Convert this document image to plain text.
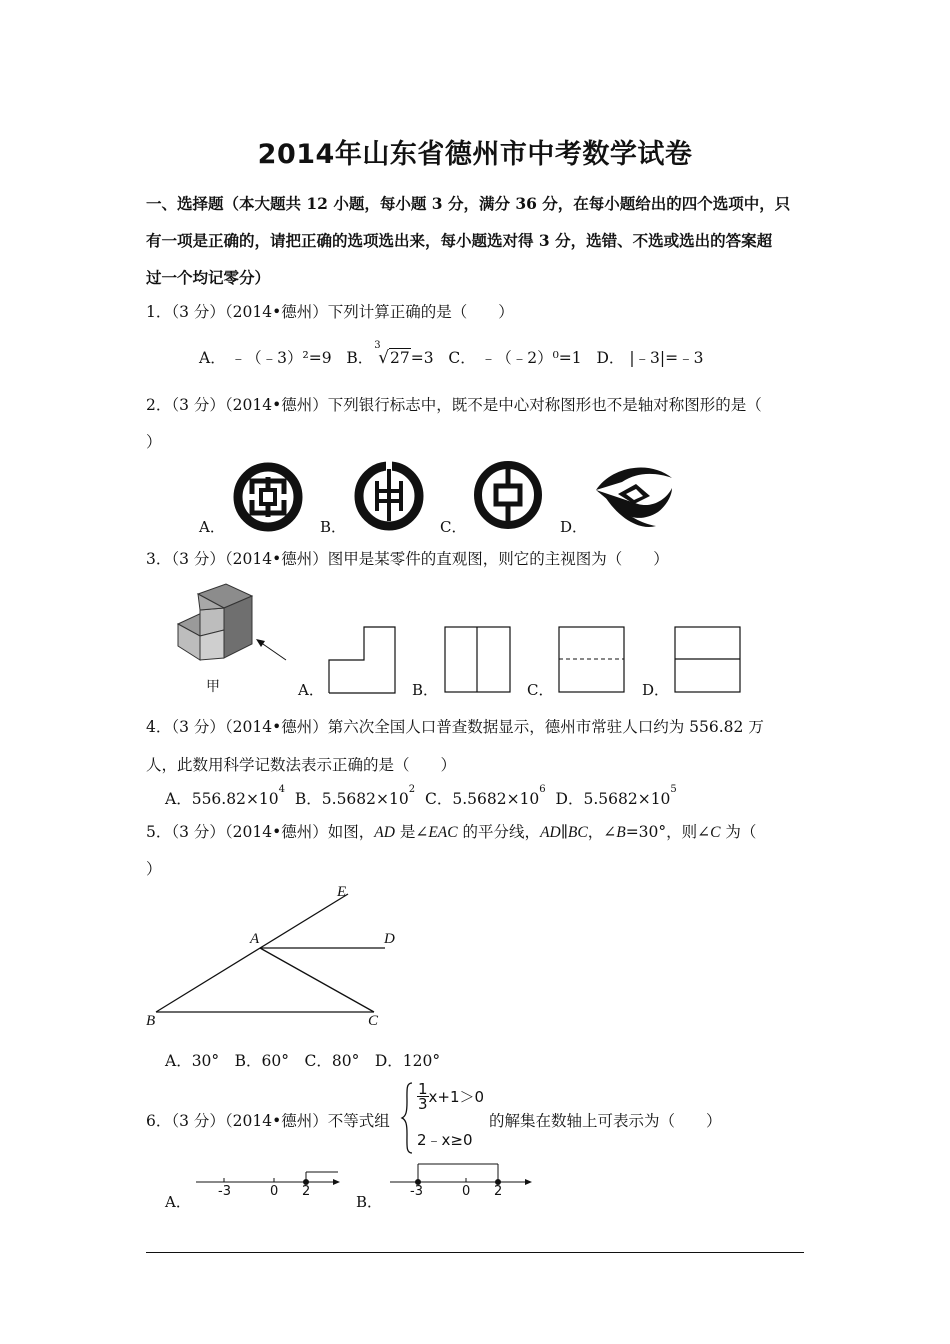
2014年山东省德州市中考数学试卷
一、选择题（本大题共 12 小题，每小题 3 分，满分 36 分，在每小题给出的四个选项中，只
有一项是正确的，请把正确的选项选出来，每小题选对得 3 分，选错、不选或选出的答案超
过一个均记零分）
1．（3 分）（2014•德州）下列计算正确的是（　　）
A． ﹣（﹣3）²=9 B．
3
√27=3 C． ﹣（﹣2）⁰=1 D． |﹣3|=﹣3
2．（3 分）（2014•德州）下列银行标志中，既不是中心对称图形也不是轴对称图形的是（
）
A．	B．	C．	D．
3．（3 分）（2014•德州）图甲是某零件的直观图，则它的主视图为（　　）
甲	A．	B．	C．	D．
4．（3 分）（2014•德州）第六次全国人口普查数据显示，德州市常驻人口约为 556.82 万
人，此数用科学记数法表示正确的是（　　）
A．$556.82\times 10^4$  B．$5.5682\times 10^2$  C．$5.5682\times 10^6$  D．$5.5682\times 10^5$
5．（3 分）（2014•德州）如图，AD 是∠EAC 的平分线，AD∥BC，∠B=30°，则∠C 为（
）
E
A	D
B	C
A．30°　B．60°　C．80°　D．120°
6．（3 分）（2014•德州）不等式组
$\frac{1}{3} x+1>0$
2﹣x≥0
的解集在数轴上可表示为（　　）
A．	B．
-3	0 2	-3	0 2
